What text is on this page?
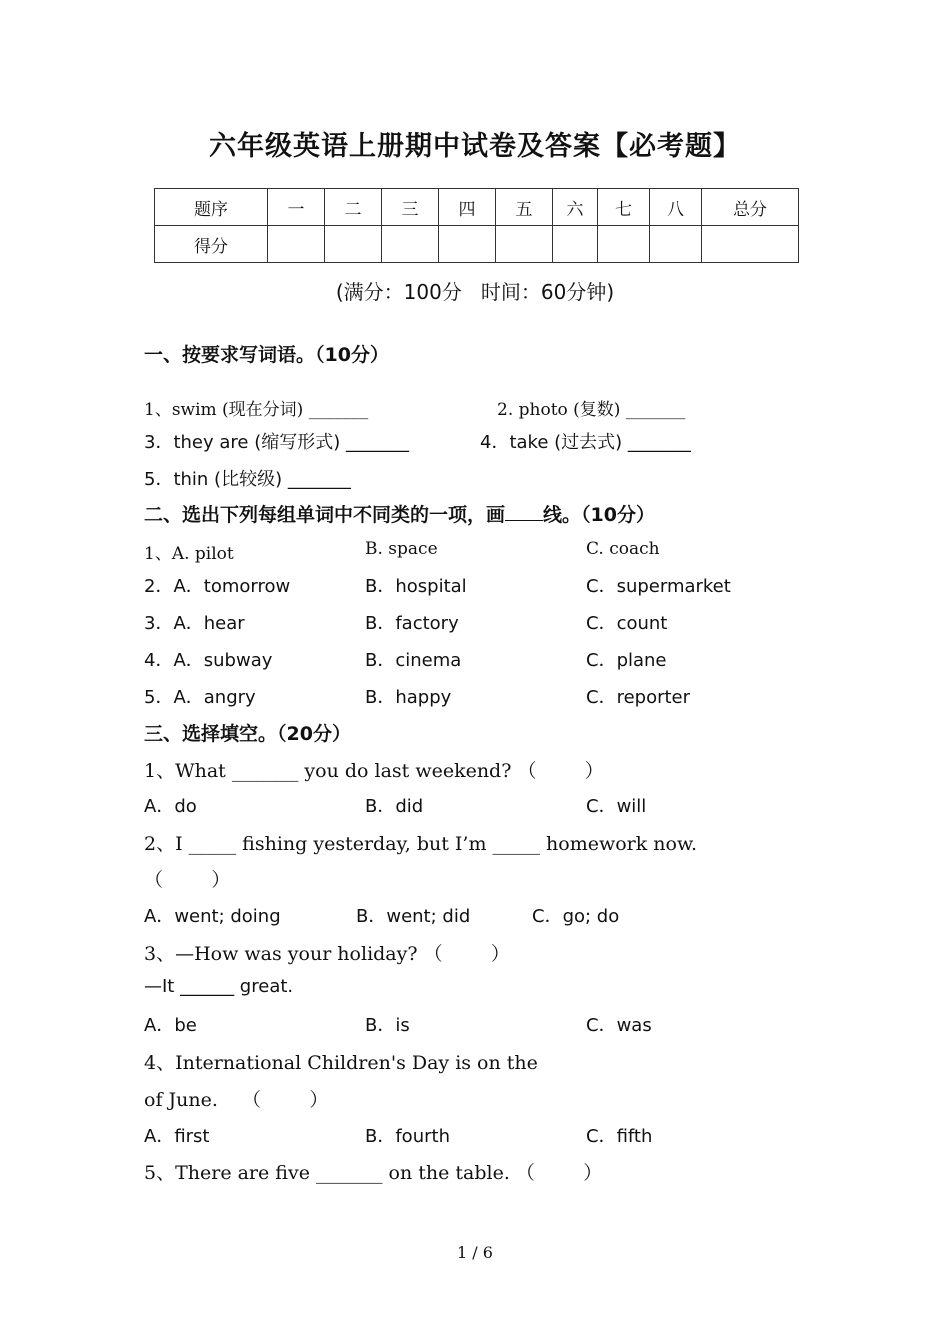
六年级英语上册期中试卷及答案【必考题】
题序	一	二	三	四	五	六	七	八	总分
得分									
(满分：100分   时间：60分钟)
一、按要求写词语。（10分）
1、swim (现在分词) _______	2. photo (复数) _______
3．they are (缩写形式) _______	4．take (过去式) _______
5．thin (比较级) _______
二、选出下列每组单词中不同类的一项，画 线。（10分）
1、A. pilot	B. space	C. coach
2．A．tomorrow	B．hospital	C．supermarket
3．A．hear	B．factory	C．count
4．A．subway	B．cinema	C．plane
5．A．angry	B．happy	C．reporter
三、选择填空。（20分）
1、What _______ you do last weekend? （        ）
A．do	B．did	C．will
2、I _____ fishing yesterday, but I’m _____ homework now.
（        ）
A．went; doing	B．went; did	C．go; do
3、—How was your holiday? （        ）
—It ______ great.
A．be	B．is	C．was
4、International Children's Day is on the
of June.    （        ）
A．first	B．fourth	C．fifth
5、There are five _______ on the table. （        ）
1 / 6
